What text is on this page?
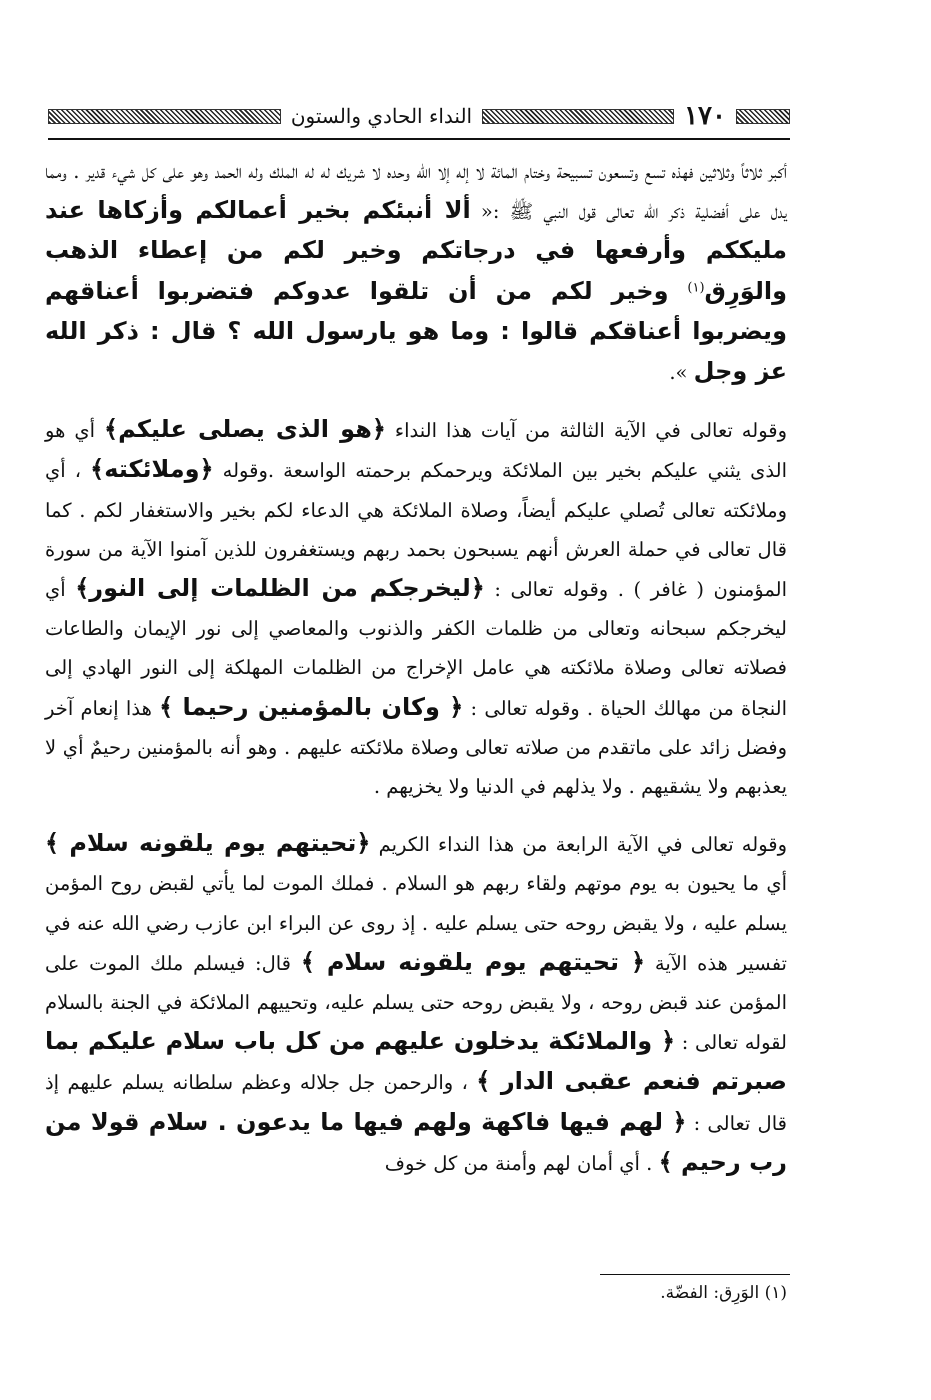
١٧٠
النداء الحادي والستون

أكبر ثلاثاً وثلاثين فهذه تسع وتسعون تسبيحة وختام المائة لا إله إلا الله وحده لا شريك له له الملك وله الحمد وهو على كل شيء قدير . ومما يدل على أفضلية ذكر الله تعالى قول النبي ﷺ :« ألا أنبئكم بخير أعمالكم وأزكاها عند مليككم وأرفعها في درجاتكم وخير لكم من إعطاء الذهب والوَرِق$^{(١)}$ وخير لكم من أن تلقوا عدوكم فتضربوا أعناقهم ويضربوا أعناقكم قالوا : وما هو يارسول الله ؟ قال : ذكر الله عز وجل ».

وقوله تعالى في الآية الثالثة من آيات هذا النداء ﴿هو الذى يصلى عليكم﴾ أي هو الذى يثني عليكم بخير بين الملائكة ويرحمكم برحمته الواسعة .وقوله ﴿وملائكته﴾ ، أي وملائكته تعالى تُصلي عليكم أيضاً، وصلاة الملائكة هي الدعاء لكم بخير والاستغفار لكم . كما قال تعالى في حملة العرش أنهم يسبحون بحمد ربهم ويستغفرون للذين آمنوا الآية من سورة المؤمنون ( غافر ) . وقوله تعالى : ﴿ليخرجكم من الظلمات إلى النور﴾ أي ليخرجكم سبحانه وتعالى من ظلمات الكفر والذنوب والمعاصي إلى نور الإيمان والطاعات فصلاته تعالى وصلاة ملائكته هي عامل الإخراج من الظلمات المهلكة إلى النور الهادي إلى النجاة من مهالك الحياة . وقوله تعالى : ﴿ وكان بالمؤمنين رحيما ﴾ هذا إنعام آخر وفضل زائد على ماتقدم من صلاته تعالى وصلاة ملائكته عليهم . وهو أنه بالمؤمنين رحيمٌ أي لا يعذبهم ولا يشقيهم . ولا يذلهم في الدنيا ولا يخزيهم .

وقوله تعالى في الآية الرابعة من هذا النداء الكريم ﴿تحيتهم يوم يلقونه سلام ﴾ أي ما يحيون به يوم موتهم ولقاء ربهم هو السلام . فملك الموت لما يأتي لقبض روح المؤمن يسلم عليه ، ولا يقبض روحه حتى يسلم عليه . إذ روى عن البراء ابن عازب رضي الله عنه في تفسير هذه الآية ﴿ تحيتهم يوم يلقونه سلام ﴾ قال: فيسلم ملك الموت على المؤمن عند قبض روحه ، ولا يقبض روحه حتى يسلم عليه، وتحييهم الملائكة في الجنة بالسلام لقوله تعالى : ﴿ والملائكة يدخلون عليهم من كل باب سلام عليكم بما صبرتم فنعم عقبى الدار ﴾ ، والرحمن جل جلاله وعظم سلطانه يسلم عليهم إذ قال تعالى : ﴿ لهم فيها فاكهة ولهم فيها ما يدعون . سلام قولا من رب رحيم ﴾ . أي أمان لهم وأمنة من كل خوف

(١) الوَرِق: الفضّة.
